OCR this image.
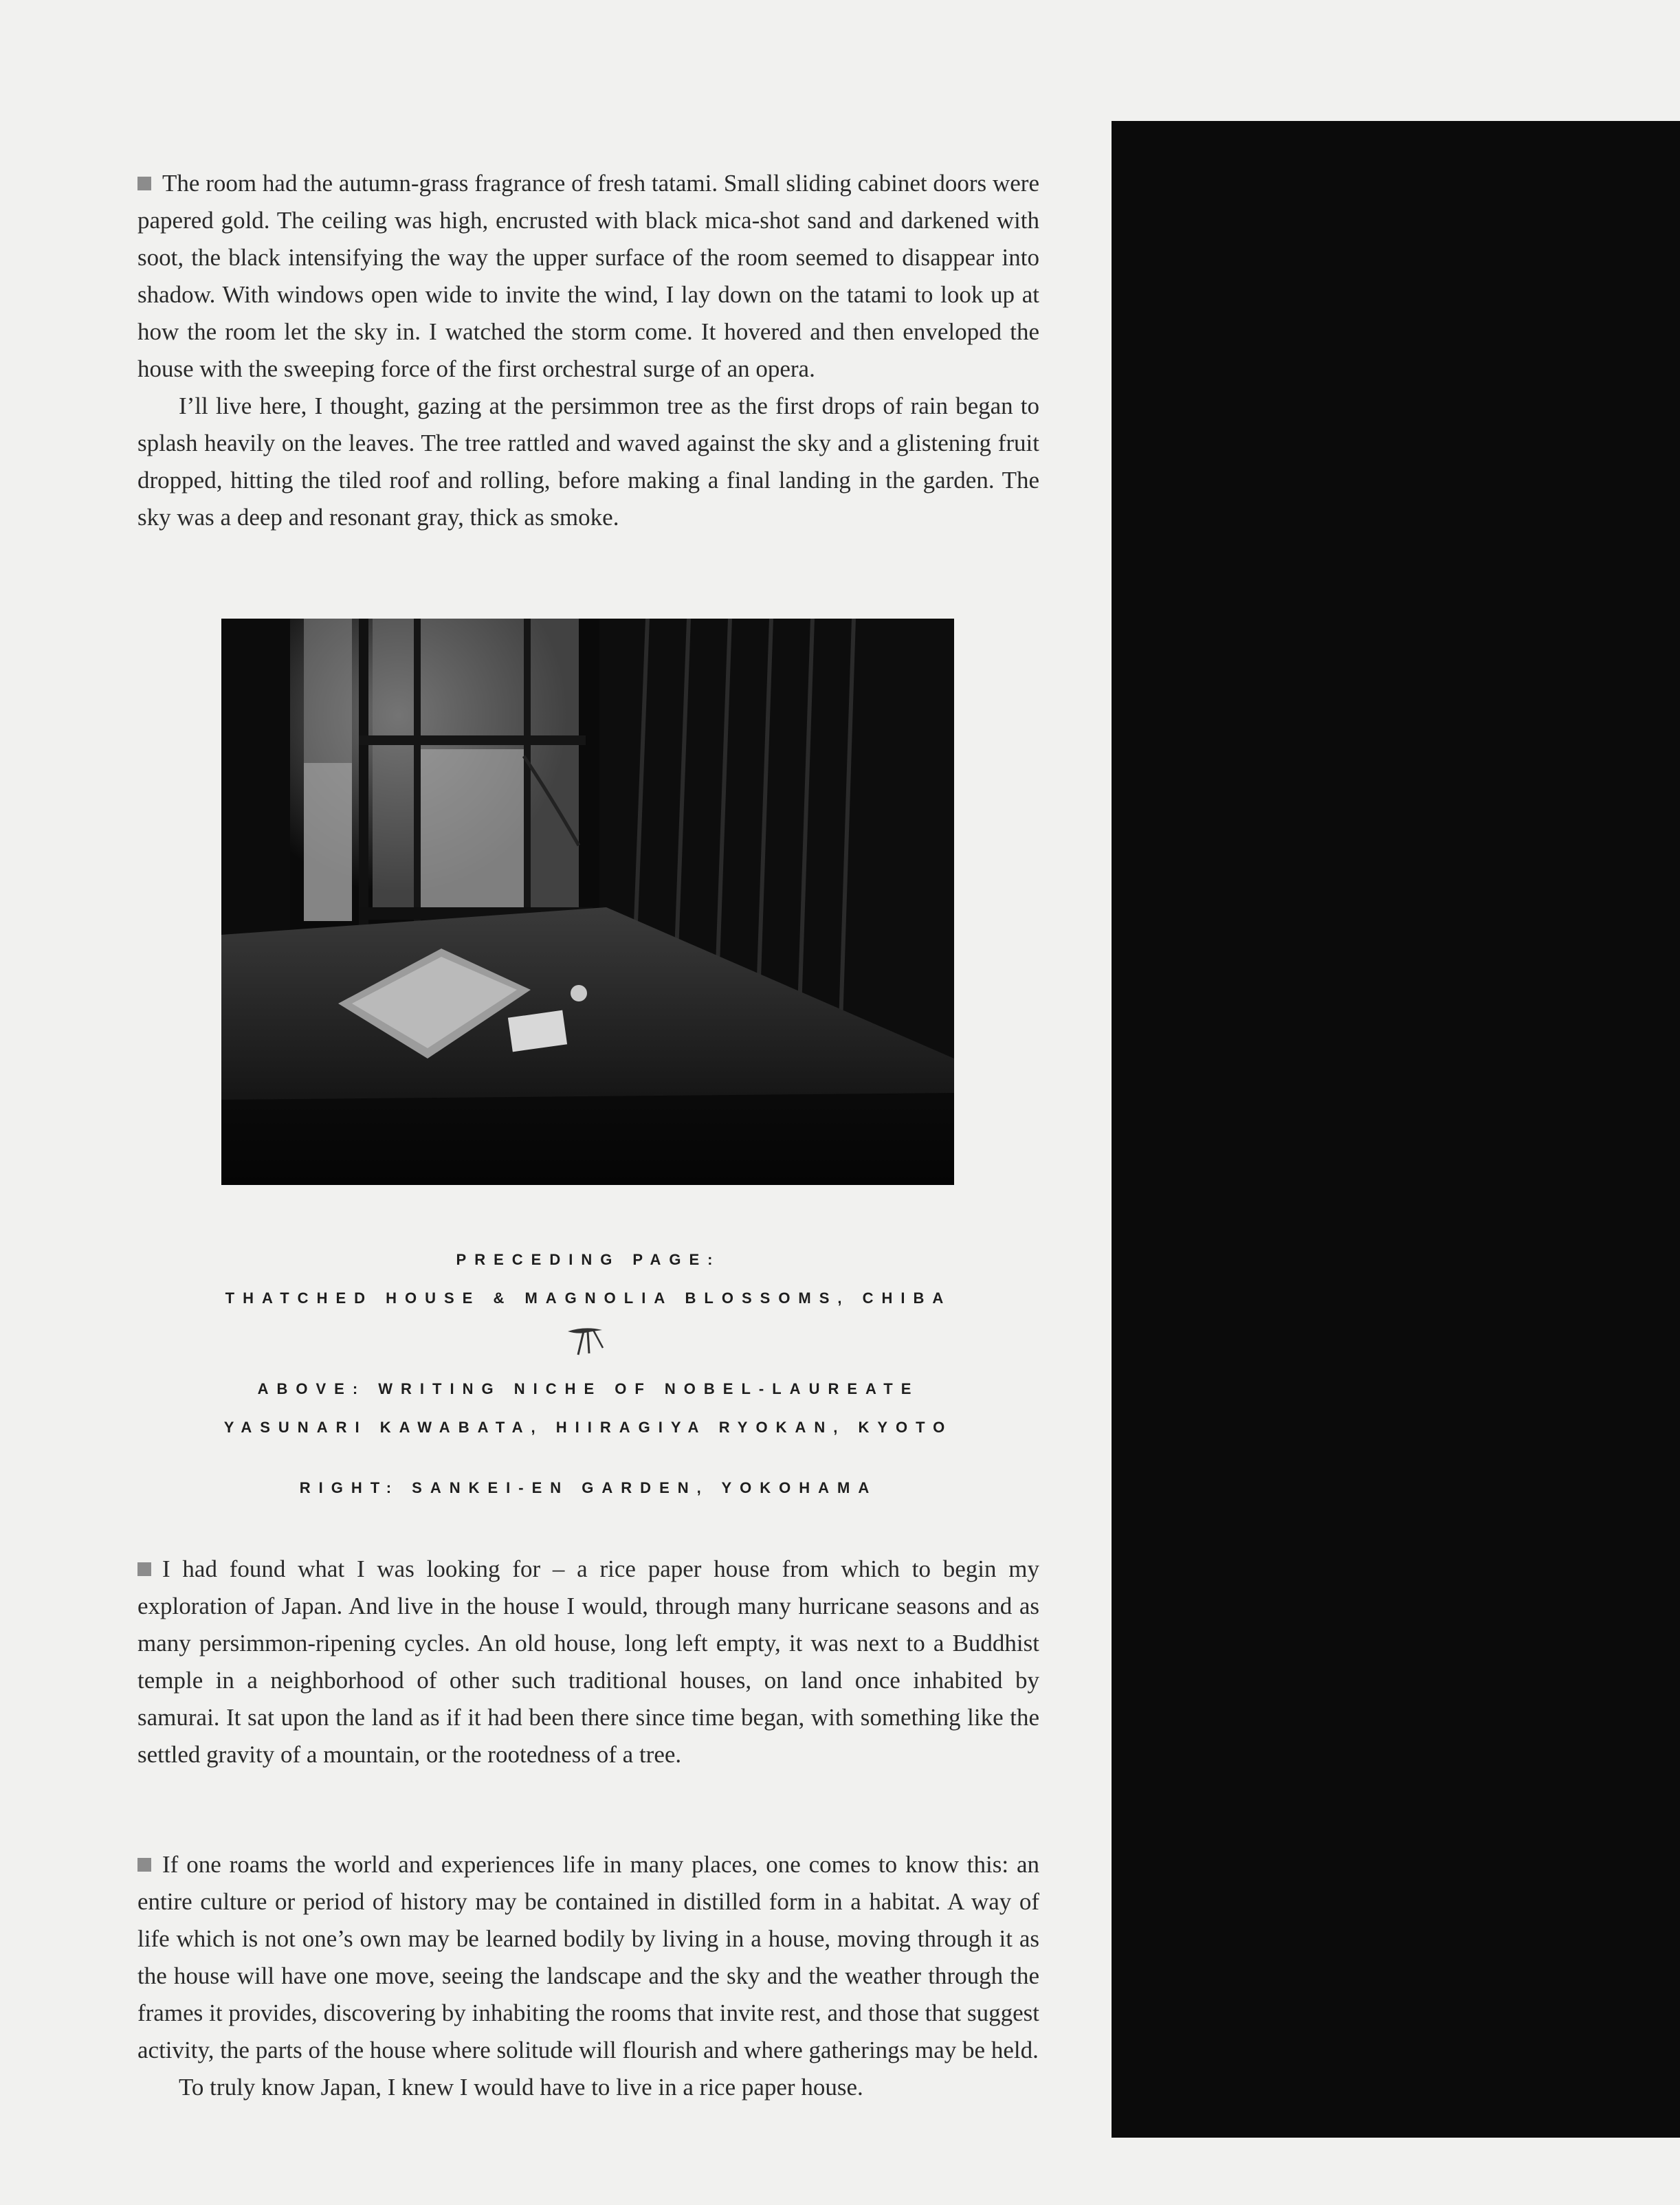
The room had the autumn-grass fragrance of fresh tatami. Small sliding cabinet doors were papered gold. The ceiling was high, encrusted with black mica-shot sand and darkened with soot, the black intensifying the way the upper surface of the room seemed to disappear into shadow. With windows open wide to invite the wind, I lay down on the tatami to look up at how the room let the sky in. I watched the storm come. It hovered and then enveloped the house with the sweeping force of the first orchestral surge of an opera.

I’ll live here, I thought, gazing at the persimmon tree as the first drops of rain began to splash heavily on the leaves. The tree rattled and waved against the sky and a glistening fruit dropped, hitting the tiled roof and rolling, before making a final landing in the garden. The sky was a deep and resonant gray, thick as smoke.

PRECEDING PAGE:

THATCHED HOUSE & MAGNOLIA BLOSSOMS, CHIBA

ABOVE: WRITING NICHE OF NOBEL-LAUREATE

YASUNARI KAWABATA, HIIRAGIYA RYOKAN, KYOTO

RIGHT: SANKEI-EN GARDEN, YOKOHAMA

I had found what I was looking for – a rice paper house from which to begin my exploration of Japan. And live in the house I would, through many hurricane seasons and as many persimmon-ripening cycles. An old house, long left empty, it was next to a Buddhist temple in a neighborhood of other such traditional houses, on land once inhabited by samurai. It sat upon the land as if it had been there since time began, with something like the settled gravity of a mountain, or the rootedness of a tree.

If one roams the world and experiences life in many places, one comes to know this: an entire culture or period of history may be contained in distilled form in a habitat. A way of life which is not one’s own may be learned bodily by living in a house, moving through it as the house will have one move, seeing the landscape and the sky and the weather through the frames it provides, discovering by inhabiting the rooms that invite rest, and those that suggest activity, the parts of the house where solitude will flourish and where gatherings may be held.

To truly know Japan, I knew I would have to live in a rice paper house.
